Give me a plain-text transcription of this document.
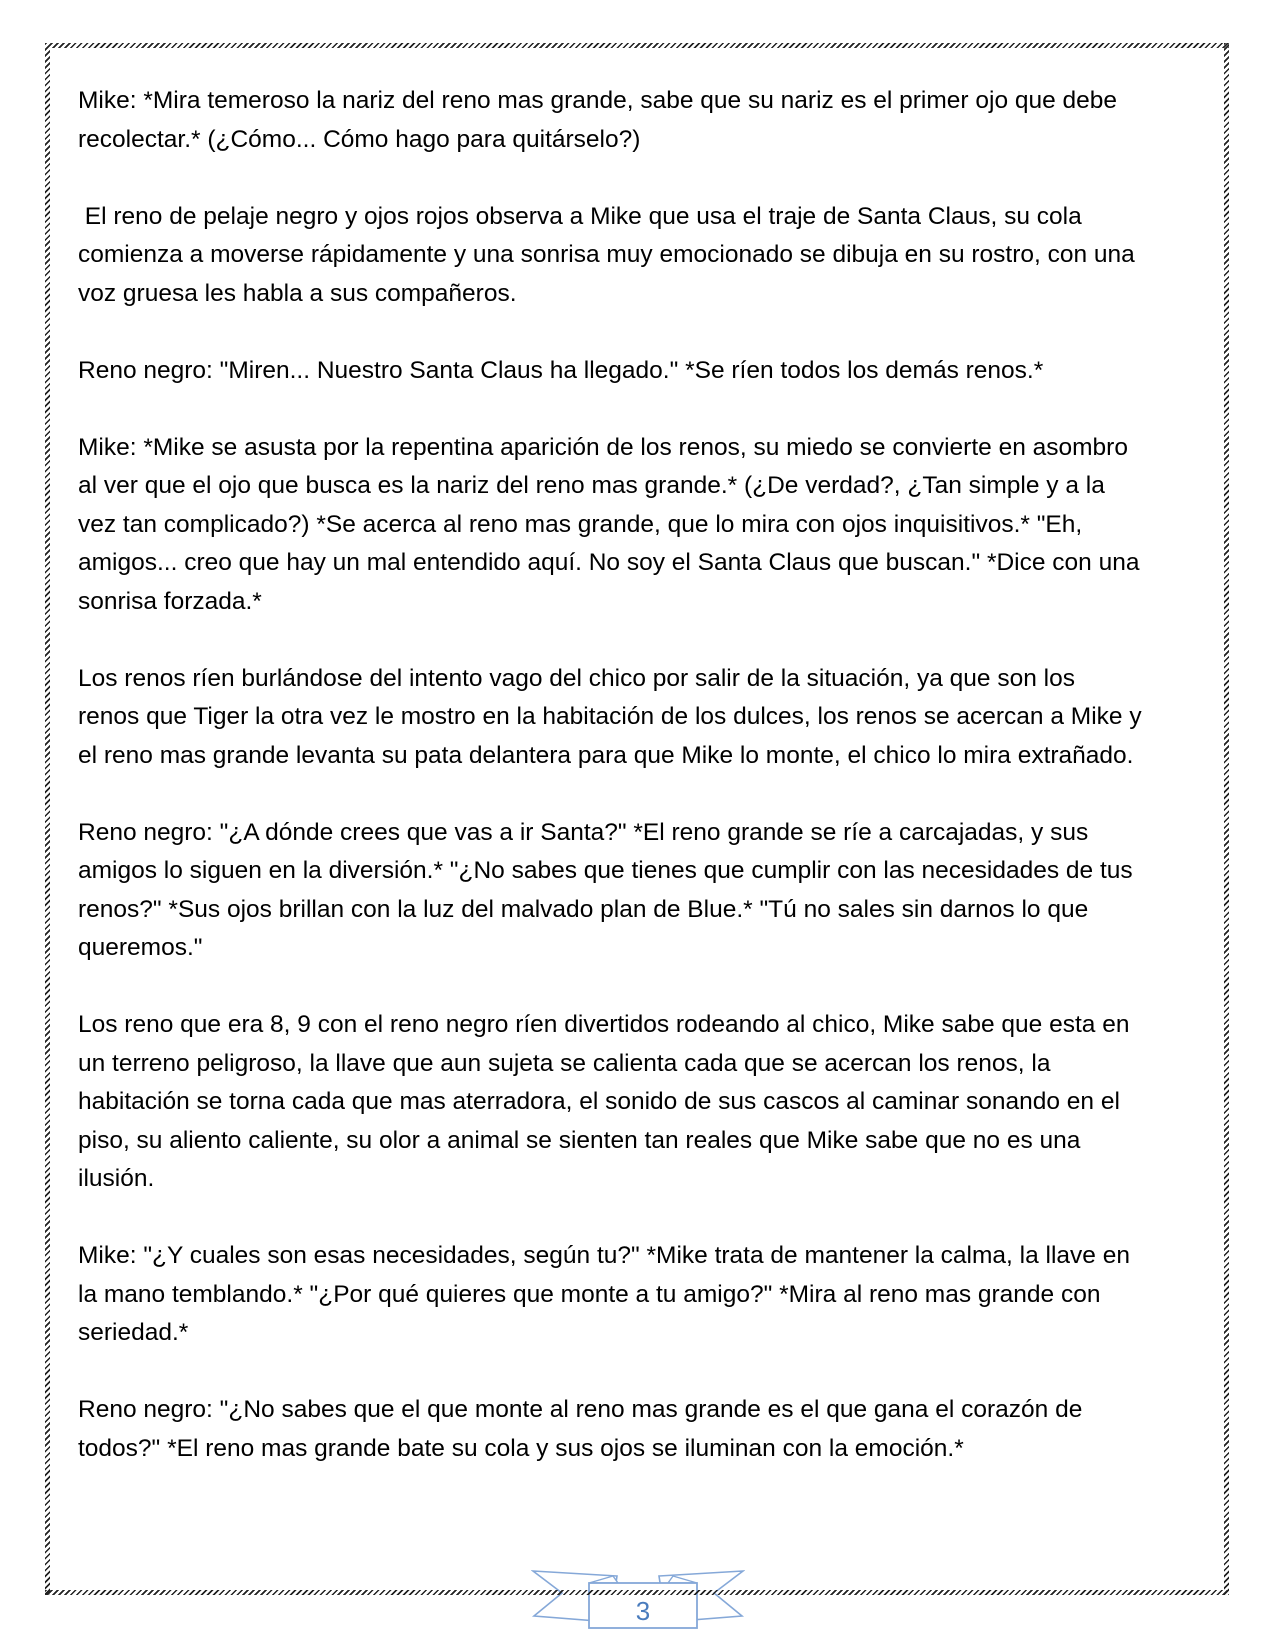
Mike: *Mira temeroso la nariz del reno mas grande, sabe que su nariz es el primer ojo que debe recolectar.* (¿Cómo... Cómo hago para quitárselo?)

El reno de pelaje negro y ojos rojos observa a Mike que usa el traje de Santa Claus, su cola comienza a moverse rápidamente y una sonrisa muy emocionado se dibuja en su rostro, con una voz gruesa les habla a sus compañeros.

Reno negro: "Miren... Nuestro Santa Claus ha llegado." *Se ríen todos los demás renos.*

Mike: *Mike se asusta por la repentina aparición de los renos, su miedo se convierte en asombro al ver que el ojo que busca es la nariz del reno mas grande.* (¿De verdad?, ¿Tan simple y a la vez tan complicado?) *Se acerca al reno mas grande, que lo mira con ojos inquisitivos.* "Eh, amigos... creo que hay un mal entendido aquí. No soy el Santa Claus que buscan." *Dice con una sonrisa forzada.*

Los renos ríen burlándose del intento vago del chico por salir de la situación, ya que son los renos que Tiger la otra vez le mostro en la habitación de los dulces, los renos se acercan a Mike y el reno mas grande levanta su pata delantera para que Mike lo monte, el chico lo mira extrañado.

Reno negro: "¿A dónde crees que vas a ir Santa?" *El reno grande se ríe a carcajadas, y sus amigos lo siguen en la diversión.* "¿No sabes que tienes que cumplir con las necesidades de tus renos?" *Sus ojos brillan con la luz del malvado plan de Blue.* "Tú no sales sin darnos lo que queremos."

Los reno que era 8, 9 con el reno negro ríen divertidos rodeando al chico, Mike sabe que esta en un terreno peligroso, la llave que aun sujeta se calienta cada que se acercan los renos, la habitación se torna cada que mas aterradora, el sonido de sus cascos al caminar sonando en el piso, su aliento caliente, su olor a animal se sienten tan reales que Mike sabe que no es una ilusión.

Mike: "¿Y cuales son esas necesidades, según tu?" *Mike trata de mantener la calma, la llave en la mano temblando.* "¿Por qué quieres que monte a tu amigo?" *Mira al reno mas grande con seriedad.*

Reno negro: "¿No sabes que el que monte al reno mas grande es el que gana el corazón de todos?" *El reno mas grande bate su cola y sus ojos se iluminan con la emoción.*

3
